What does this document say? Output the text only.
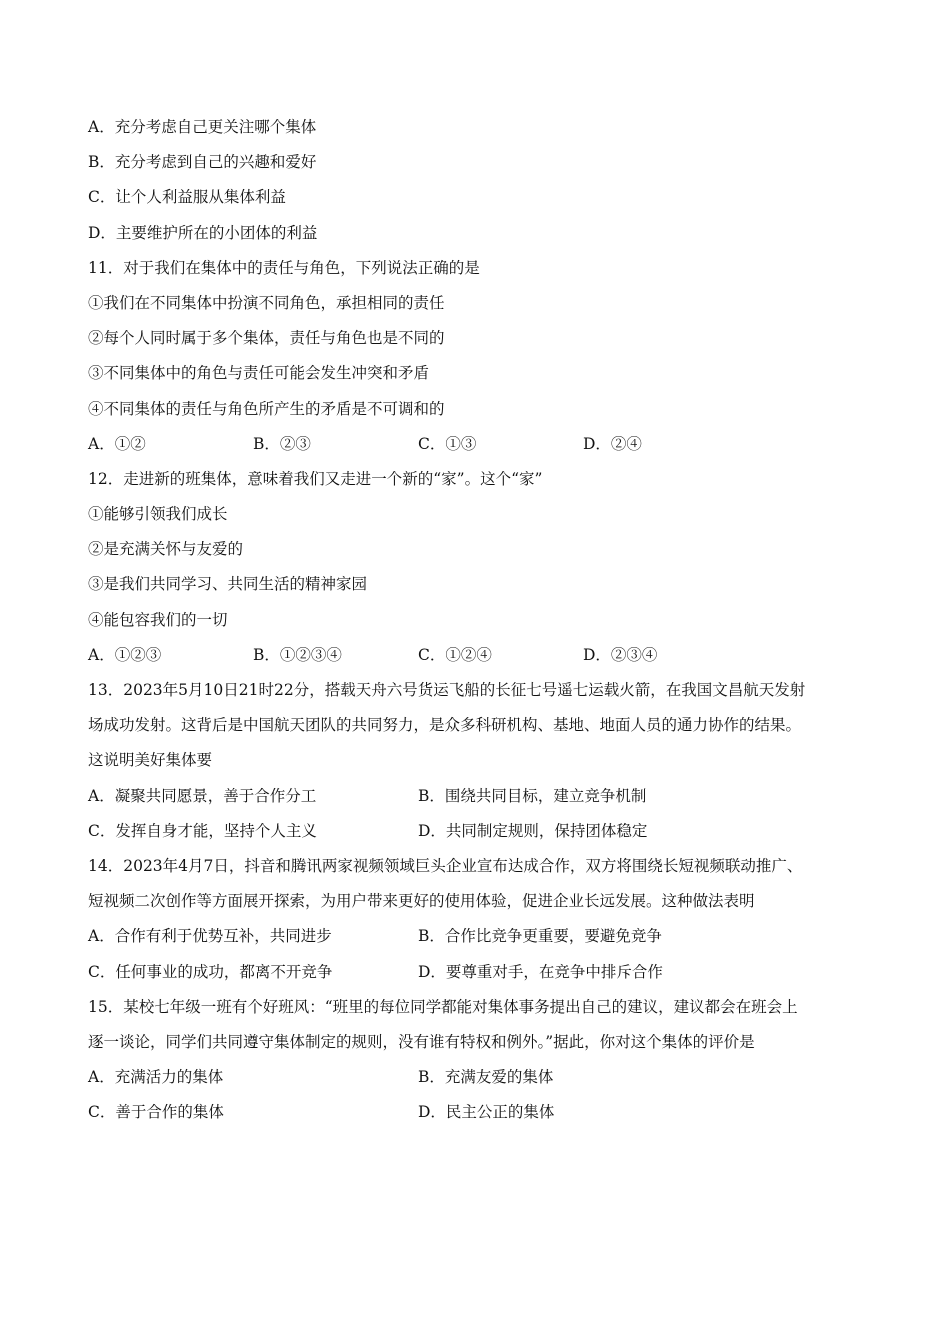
A．充分考虑自己更关注哪个集体
B．充分考虑到自己的兴趣和爱好
C．让个人利益服从集体利益
D．主要维护所在的小团体的利益
11．对于我们在集体中的责任与角色，下列说法正确的是
①我们在不同集体中扮演不同角色，承担相同的责任
②每个人同时属于多个集体，责任与角色也是不同的
③不同集体中的角色与责任可能会发生冲突和矛盾
④不同集体的责任与角色所产生的矛盾是不可调和的
A．①②	B．②③	C．①③	D．②④
12．走进新的班集体，意味着我们又走进一个新的“家”。这个“家”
①能够引领我们成长
②是充满关怀与友爱的
③是我们共同学习、共同生活的精神家园
④能包容我们的一切
A．①②③	B．①②③④	C．①②④	D．②③④
13．2023年5月10日21时22分，搭载天舟六号货运飞船的长征七号遥七运载火箭，在我国文昌航天发射
场成功发射。这背后是中国航天团队的共同努力，是众多科研机构、基地、地面人员的通力协作的结果。
这说明美好集体要
A．凝聚共同愿景，善于合作分工	B．围绕共同目标，建立竞争机制
C．发挥自身才能，坚持个人主义	D．共同制定规则，保持团体稳定
14．2023年4月7日，抖音和腾讯两家视频领域巨头企业宣布达成合作，双方将围绕长短视频联动推广、
短视频二次创作等方面展开探索，为用户带来更好的使用体验，促进企业长远发展。这种做法表明
A．合作有利于优势互补，共同进步	B．合作比竞争更重要，要避免竞争
C．任何事业的成功，都离不开竞争	D．要尊重对手，在竞争中排斥合作
15．某校七年级一班有个好班风：“班里的每位同学都能对集体事务提出自己的建议，建议都会在班会上
逐一谈论，同学们共同遵守集体制定的规则，没有谁有特权和例外。”据此，你对这个集体的评价是
A．充满活力的集体	B．充满友爱的集体
C．善于合作的集体	D．民主公正的集体
